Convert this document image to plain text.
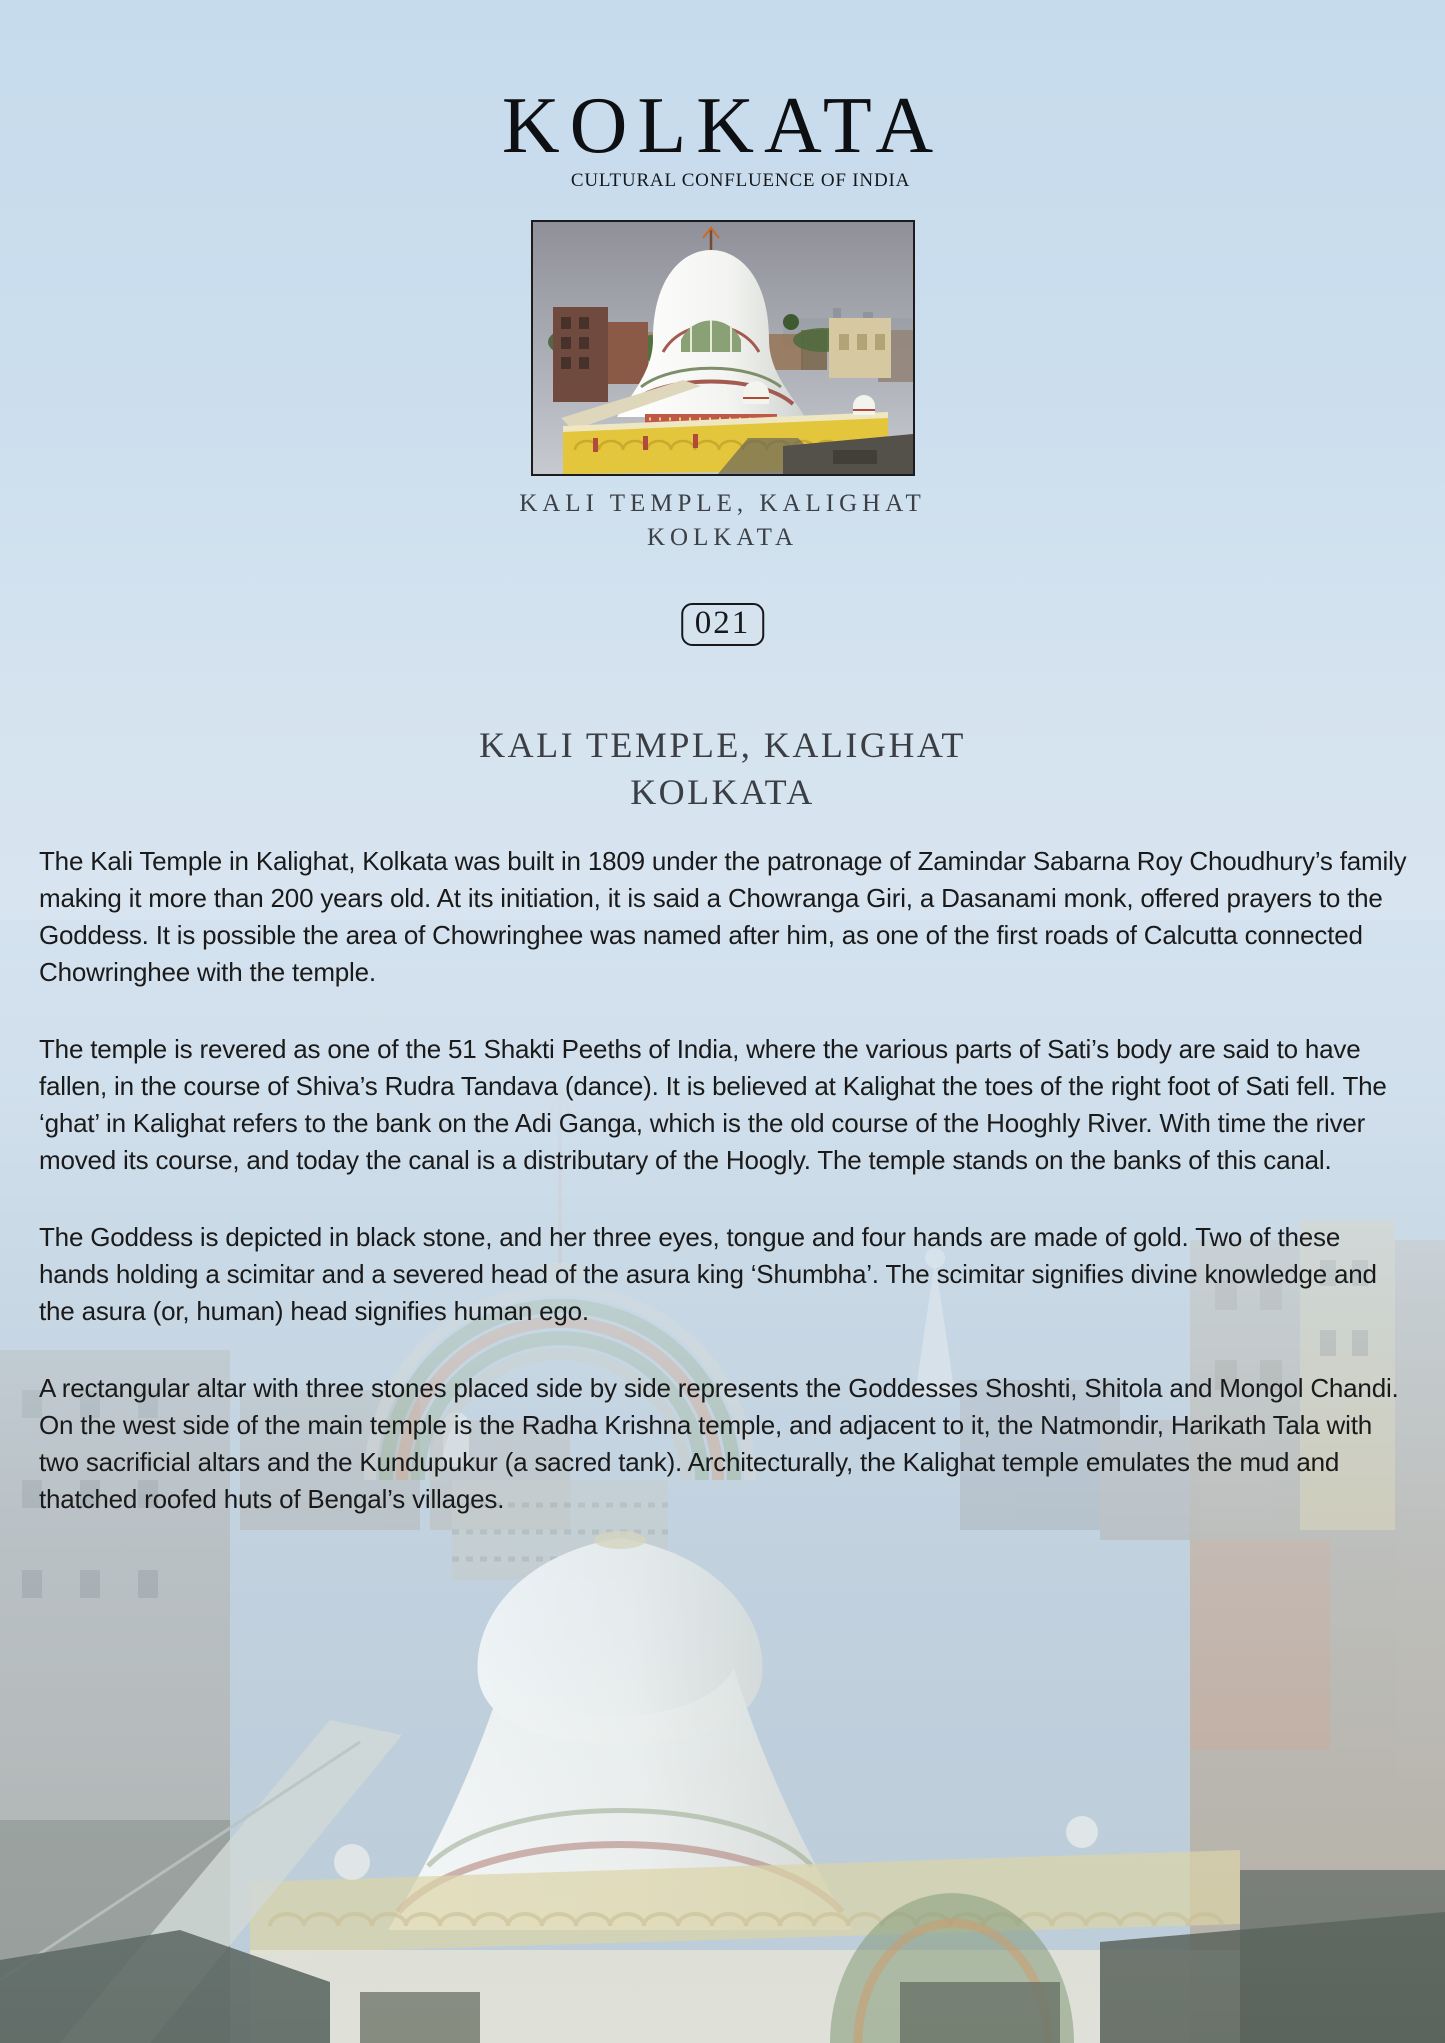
KOLKATA
CULTURAL CONFLUENCE OF INDIA
KALI TEMPLE, KALIGHAT
KOLKATA
021
KALI TEMPLE, KALIGHAT
KOLKATA

The Kali Temple in Kalighat, Kolkata was built in 1809 under the patronage of Zamindar Sabarna Roy Choudhury’s family making it more than 200 years old. At its initiation, it is said a Chowranga Giri, a Dasanami monk, offered prayers to the Goddess. It is possible the area of Chowringhee was named after him, as one of the first roads of Calcutta connected Chowringhee with the temple.

The temple is revered as one of the 51 Shakti Peeths of India, where the various parts of Sati’s body are said to have fallen, in the course of Shiva’s Rudra Tandava (dance). It is believed at Kalighat the toes of the right foot of Sati fell. The ‘ghat’ in Kalighat refers to the bank on the Adi Ganga, which is the old course of the Hooghly River. With time the river moved its course, and today the canal is a distributary of the Hoogly. The temple stands on the banks of this canal.

The Goddess is depicted in black stone, and her three eyes, tongue and four hands are made of gold. Two of these hands holding a scimitar and a severed head of the asura king ‘Shumbha’. The scimitar signifies divine knowledge and the asura (or, human) head signifies human ego.

A rectangular altar with three stones placed side by side represents the Goddesses Shoshti, Shitola and Mongol Chandi. On the west side of the main temple is the Radha Krishna temple, and adjacent to it, the Natmondir, Harikath Tala with two sacrificial altars and the Kundupukur (a sacred tank). Architecturally, the Kalighat temple emulates the mud and thatched roofed huts of Bengal’s villages.
